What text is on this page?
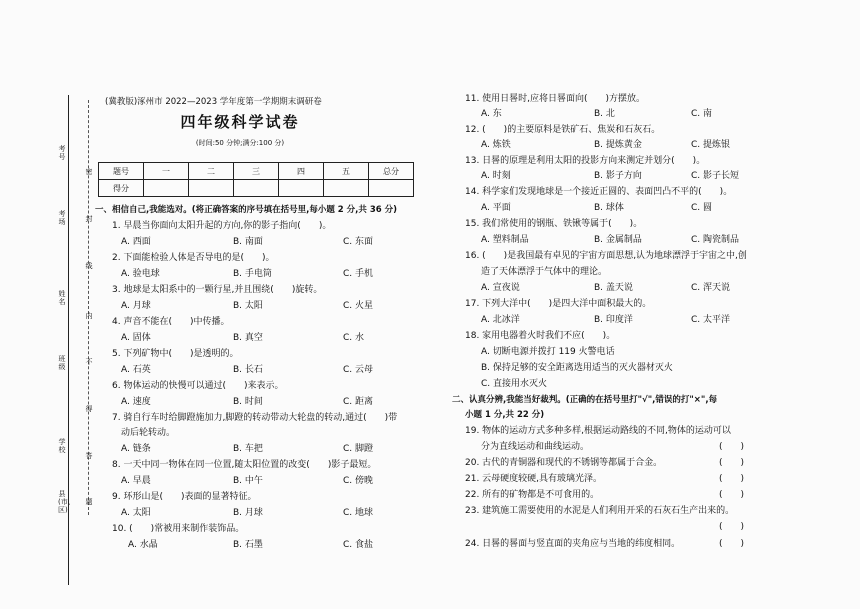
考号
考场
姓名
班级
学校
县(市、区)
密
封
线
内
不
得
答
题
(冀教版)涿州市 2022—2023 学年度第一学期期末调研卷
四年级科学试卷
(时间:50 分钟;满分:100 分)
题号	一	二	三	四	五	总分
得分						
一、相信自己,我能选对。(将正确答案的序号填在括号里,每小题 2 分,共 36 分)
1. 早晨当你面向太阳升起的方向,你的影子指向(　　)。
A. 西面	B. 南面	C. 东面
2. 下面能检验人体是否导电的是(　　)。
A. 验电球	B. 手电筒	C. 手机
3. 地球是太阳系中的一颗行星,并且围绕(　　)旋转。
A. 月球	B. 太阳	C. 火星
4. 声音不能在(　　)中传播。
A. 固体	B. 真空	C. 水
5. 下列矿物中(　　)是透明的。
A. 石英	B. 长石	C. 云母
6. 物体运动的快慢可以通过(　　)来表示。
A. 速度	B. 时间	C. 距离
7. 骑自行车时给脚蹬施加力,脚蹬的转动带动大轮盘的转动,通过(　　)带
动后轮转动。
A. 链条	B. 车把	C. 脚蹬
8. 一天中同一物体在同一位置,随太阳位置的改变(　　)影子最短。
A. 早晨	B. 中午	C. 傍晚
9. 环形山是(　　)表面的显著特征。
A. 太阳	B. 月球	C. 地球
10. (　　)常被用来制作装饰品。
A. 水晶	B. 石墨	C. 食盐
11. 使用日晷时,应将日晷面向(　　)方摆放。
A. 东	B. 北	C. 南
12. (　　)的主要原料是铁矿石、焦炭和石灰石。
A. 炼铁	B. 提炼黄金	C. 提炼银
13. 日晷的原理是利用太阳的投影方向来测定并划分(　　)。
A. 时刻	B. 影子方向	C. 影子长短
14. 科学家们发现地球是一个接近正圆的、表面凹凸不平的(　　)。
A. 平面	B. 球体	C. 圆
15. 我们常使用的钢瓶、铁锹等属于(　　)。
A. 塑料制品	B. 金属制品	C. 陶瓷制品
16. (　　)是我国最有卓见的宇宙方面思想,认为地球漂浮于宇宙之中,创
造了天体漂浮于气体中的理论。
A. 宣夜说	B. 盖天说	C. 浑天说
17. 下列大洋中(　　)是四大洋中面积最大的。
A. 北冰洋	B. 印度洋	C. 太平洋
18. 家用电器着火时我们不应(　　)。
A. 切断电源并拨打 119 火警电话
B. 保持足够的安全距离选用适当的灭火器材灭火
C. 直接用水灭火
二、认真分辨,我能当好裁判。(正确的在括号里打"√",错误的打"×",每
小题 1 分,共 22 分)
19. 物体的运动方式多种多样,根据运动路线的不同,物体的运动可以
分为直线运动和曲线运动。	(　　)
20. 古代的青铜器和现代的不锈钢等都属于合金。	(　　)
21. 云母硬度较硬,具有玻璃光泽。	(　　)
22. 所有的矿物都是不可食用的。	(　　)
23. 建筑施工需要使用的水泥是人们利用开采的石灰石生产出来的。
(　　)
24. 日晷的晷面与竖直面的夹角应与当地的纬度相同。	(　　)
